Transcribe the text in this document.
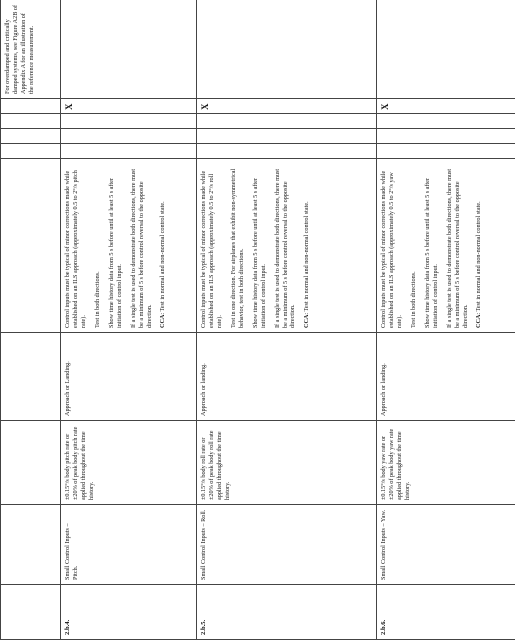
									For overdamped and critically damped systems, see Figure A2B of Appendix A for an illustration of the reference measurement.
2.b.4.	Small Control Inputs – Pitch.	±0.15°/s body pitch rate or ±20% of peak body pitch rate applied throughout the time history.	Approach or Landing.	Control inputs must be typical of minor corrections made while established on an ILS approach (approximately 0.5 to 2°/s pitch rate). Test in both directions. Show time history data from 5 s before until at least 5 s after initiation of control input. If a single test is used to demonstrate both directions, there must be a minimum of 5 s before control reversal to the opposite direction. CCA: Test in normal and non-normal control state.				X	
2.b.5.	Small Control Inputs – Roll.	±0.15°/s body roll rate or ±20% of peak body roll rate applied throughout the time history.	Approach or landing.	Control inputs must be typical of minor corrections made while established on an ILS approach (approximately 0.5 to 2°/s roll rate). Test in one direction. For airplanes that exhibit non-symmetrical behavior, test in both directions. Show time history data from 5 s before until at least 5 s after initiation of control input. If a single test is used to demonstrate both directions, there must be a minimum of 5 s before control reversal to the opposite direction. CCA: Test in normal and non-normal control state.				X	
2.b.6.	Small Control Inputs – Yaw.	±0.15°/s body yaw rate or ±20% of peak body yaw rate applied throughout the time history.	Approach or landing.	Control inputs must be typical of minor corrections made while established on an ILS approach (approximately 0.5 to 2°/s yaw rate). Test in both directions. Show time history data from 5 s before until at least 5 s after initiation of control input. If a single test is used to demonstrate both directions, there must be a minimum of 5 s before control reversal to the opposite direction. CCA: Test in normal and non-normal control state.				X	
